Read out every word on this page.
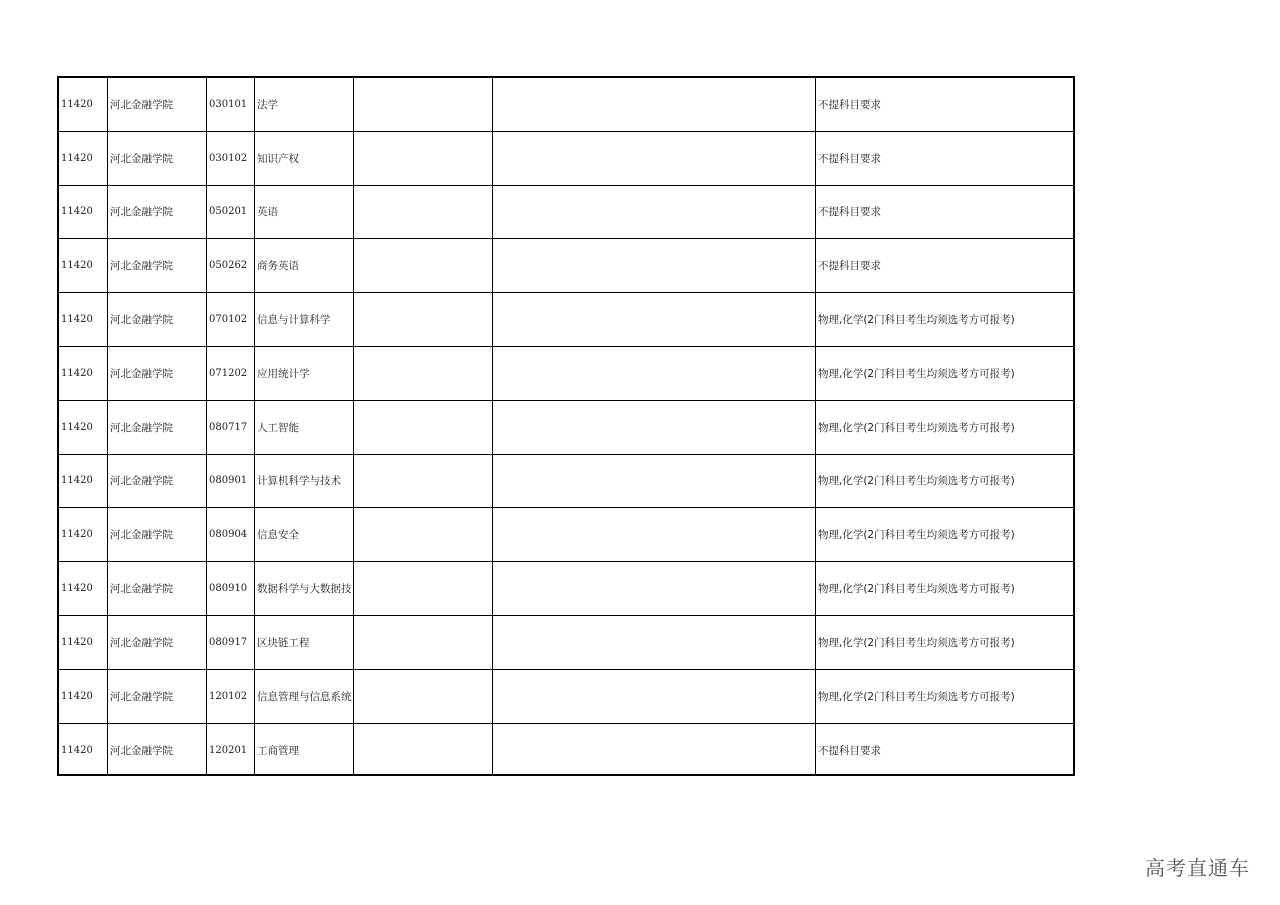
11420	河北金融学院	030101 法学	不提科目要求
11420	河北金融学院	030102 知识产权	不提科目要求
11420	河北金融学院	050201 英语	不提科目要求
11420	河北金融学院	050262 商务英语	不提科目要求
11420	河北金融学院	070102 信息与计算科学	物理,化学(2门科目考生均须选考方可报考)
11420	河北金融学院	071202 应用统计学	物理,化学(2门科目考生均须选考方可报考)
11420	河北金融学院	080717 人工智能	物理,化学(2门科目考生均须选考方可报考)
11420	河北金融学院	080901 计算机科学与技术	物理,化学(2门科目考生均须选考方可报考)
11420	河北金融学院	080904 信息安全	物理,化学(2门科目考生均须选考方可报考)
11420	河北金融学院	080910 数据科学与大数据技	物理,化学(2门科目考生均须选考方可报考)
11420	河北金融学院	080917 区块链工程	物理,化学(2门科目考生均须选考方可报考)
11420	河北金融学院	120102 信息管理与信息系统	物理,化学(2门科目考生均须选考方可报考)
11420	河北金融学院	120201 工商管理	不提科目要求
高考直通车
